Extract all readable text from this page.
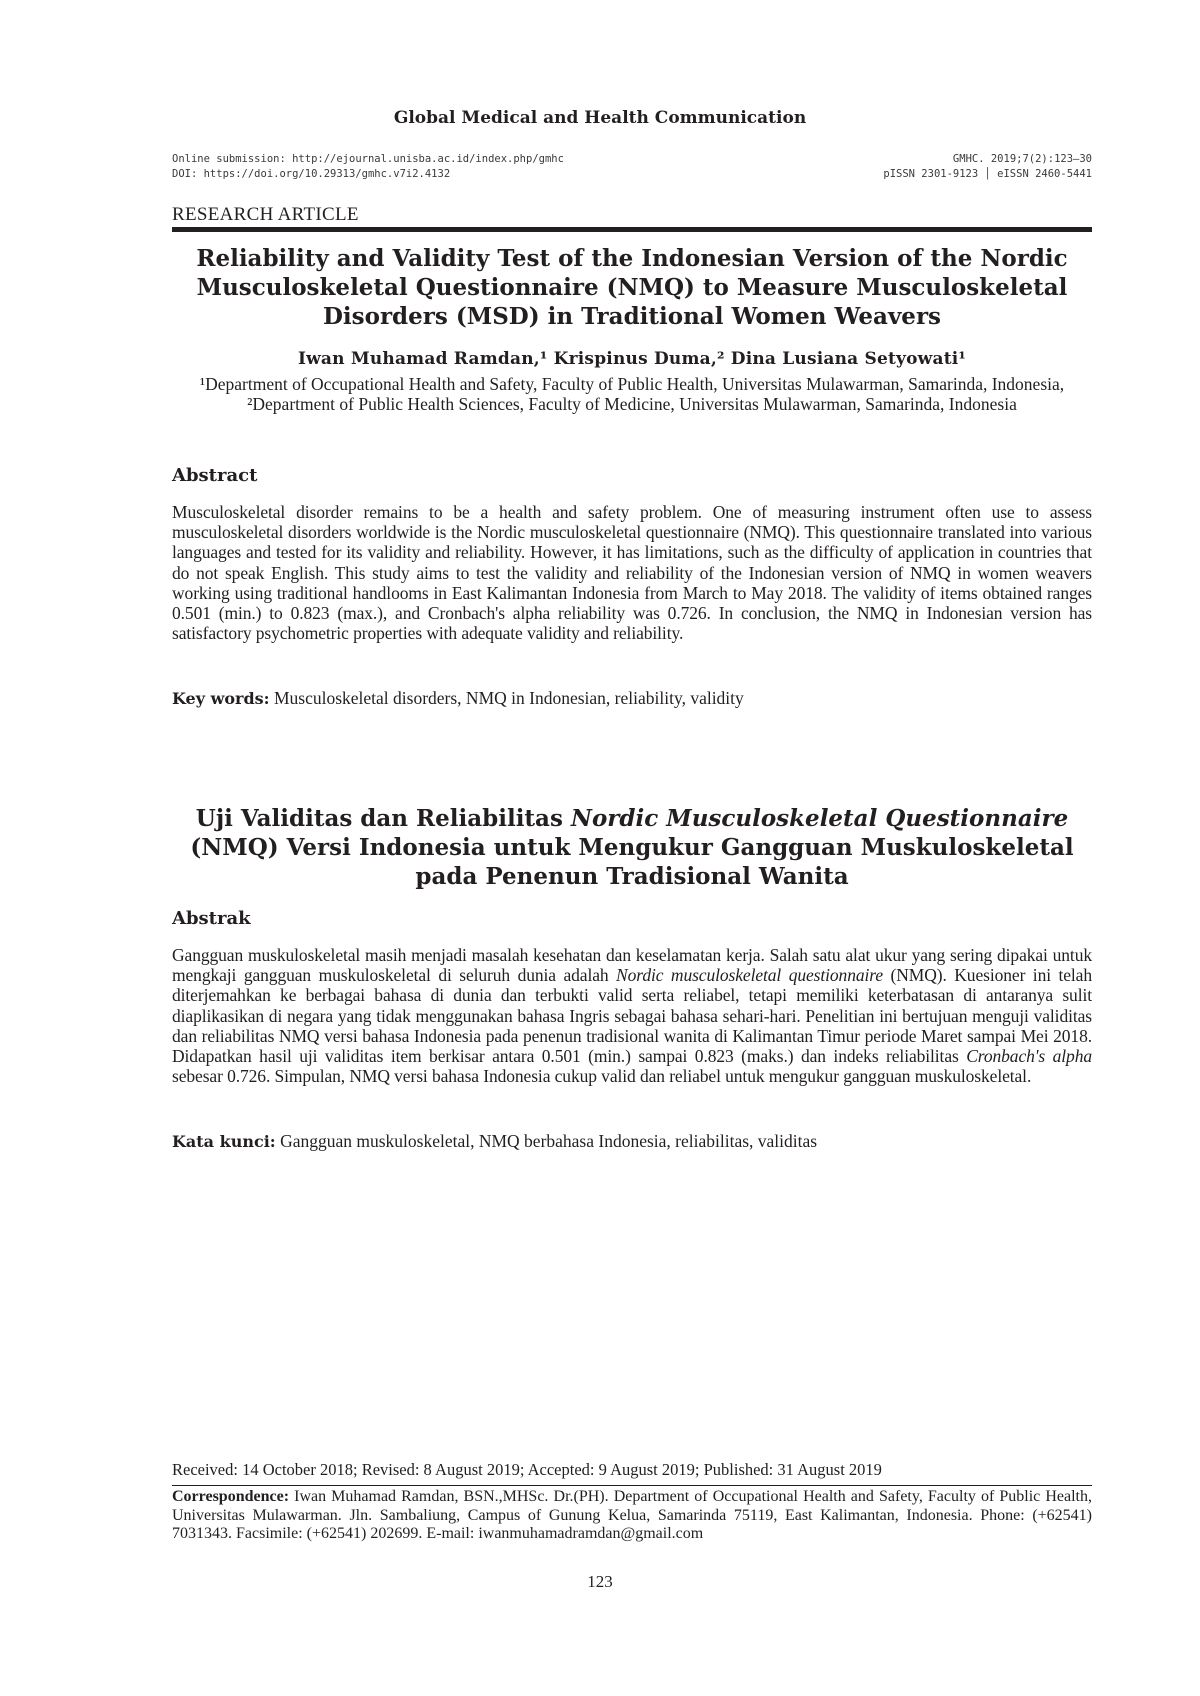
Global Medical and Health Communication
Online submission: http://ejournal.unisba.ac.id/index.php/gmhc
DOI: https://doi.org/10.29313/gmhc.v7i2.4132
GMHC. 2019;7(2):123–30
pISSN 2301-9123 │ eISSN 2460-5441
RESEARCH ARTICLE
Reliability and Validity Test of the Indonesian Version of the Nordic Musculoskeletal Questionnaire (NMQ) to Measure Musculoskeletal Disorders (MSD) in Traditional Women Weavers
Iwan Muhamad Ramdan,¹ Krispinus Duma,² Dina Lusiana Setyowati¹

¹Department of Occupational Health and Safety, Faculty of Public Health, Universitas Mulawarman, Samarinda, Indonesia, ²Department of Public Health Sciences, Faculty of Medicine, Universitas Mulawarman, Samarinda, Indonesia

Abstract

Musculoskeletal disorder remains to be a health and safety problem. One of measuring instrument often use to assess musculoskeletal disorders worldwide is the Nordic musculoskeletal questionnaire (NMQ). This questionnaire translated into various languages and tested for its validity and reliability. However, it has limitations, such as the difficulty of application in countries that do not speak English. This study aims to test the validity and reliability of the Indonesian version of NMQ in women weavers working using traditional handlooms in East Kalimantan Indonesia from March to May 2018. The validity of items obtained ranges 0.501 (min.) to 0.823 (max.), and Cronbach's alpha reliability was 0.726. In conclusion, the NMQ in Indonesian version has satisfactory psychometric properties with adequate validity and reliability.

Key words: Musculoskeletal disorders, NMQ in Indonesian, reliability, validity
Uji Validitas dan Reliabilitas Nordic Musculoskeletal Questionnaire (NMQ) Versi Indonesia untuk Mengukur Gangguan Muskuloskeletal pada Penenun Tradisional Wanita
Abstrak

Gangguan muskuloskeletal masih menjadi masalah kesehatan dan keselamatan kerja. Salah satu alat ukur yang sering dipakai untuk mengkaji gangguan muskuloskeletal di seluruh dunia adalah Nordic musculoskeletal questionnaire (NMQ). Kuesioner ini telah diterjemahkan ke berbagai bahasa di dunia dan terbukti valid serta reliabel, tetapi memiliki keterbatasan di antaranya sulit diaplikasikan di negara yang tidak menggunakan bahasa Ingris sebagai bahasa sehari-hari. Penelitian ini bertujuan menguji validitas dan reliabilitas NMQ versi bahasa Indonesia pada penenun tradisional wanita di Kalimantan Timur periode Maret sampai Mei 2018. Didapatkan hasil uji validitas item berkisar antara 0.501 (min.) sampai 0.823 (maks.) dan indeks reliabilitas Cronbach's alpha sebesar 0.726. Simpulan, NMQ versi bahasa Indonesia cukup valid dan reliabel untuk mengukur gangguan muskuloskeletal.

Kata kunci: Gangguan muskuloskeletal, NMQ berbahasa Indonesia, reliabilitas, validitas
Received: 14 October 2018; Revised: 8 August 2019; Accepted: 9 August 2019; Published: 31 August 2019

Correspondence: Iwan Muhamad Ramdan, BSN.,MHSc. Dr.(PH). Department of Occupational Health and Safety, Faculty of Public Health, Universitas Mulawarman. Jln. Sambaliung, Campus of Gunung Kelua, Samarinda 75119, East Kalimantan, Indonesia. Phone: (+62541) 7031343. Facsimile: (+62541) 202699. E-mail: iwanmuhamadramdan@gmail.com

123
